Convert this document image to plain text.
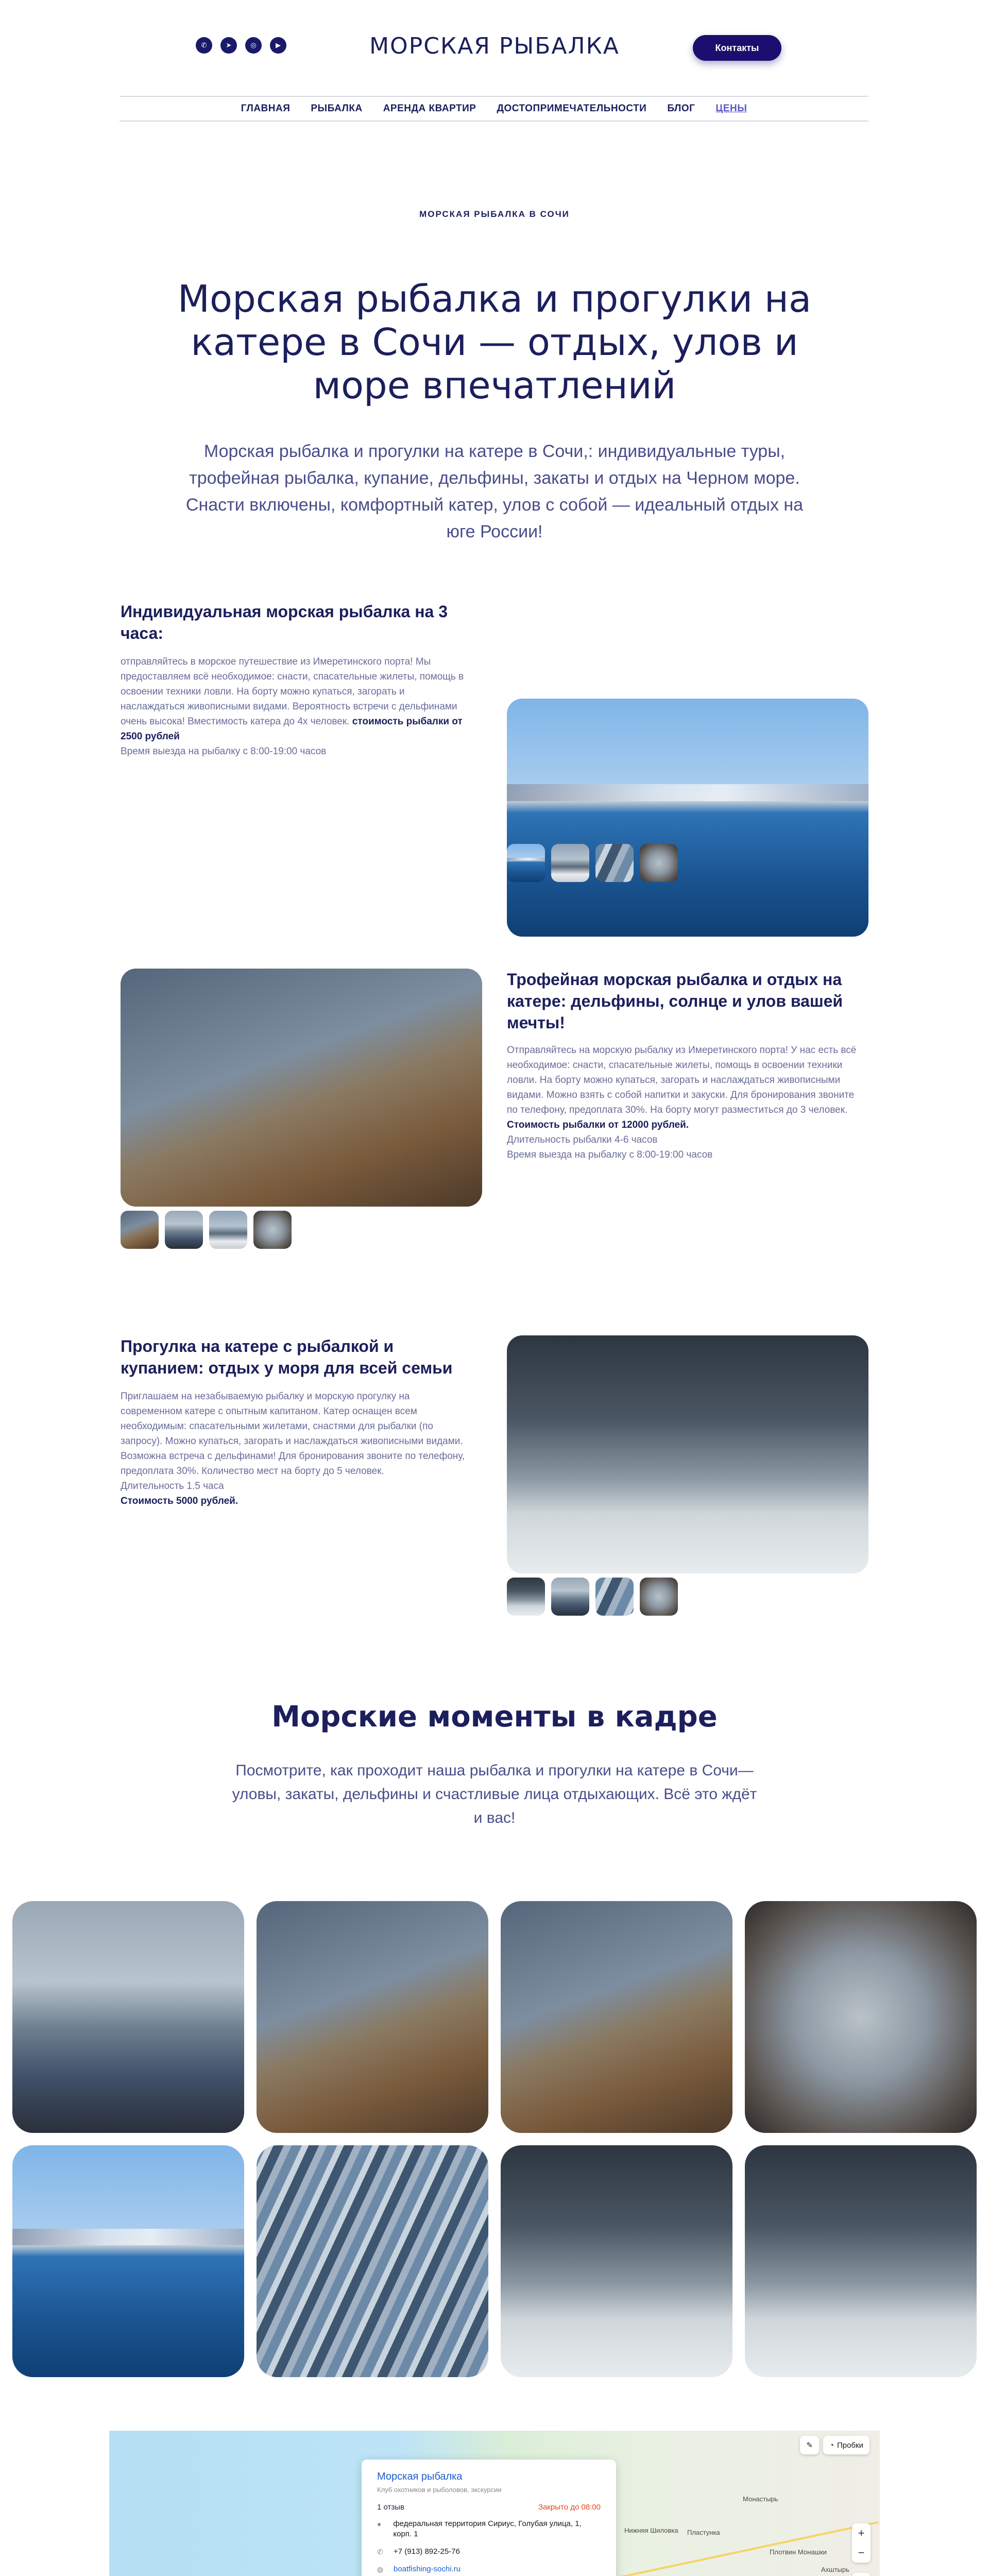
✆	➤	◎	▶	МОРСКАЯ РЫБАЛКА	Контакты
ГЛАВНАЯ РЫБАЛКА АРЕНДА КВАРТИР ДОСТОПРИМЕЧАТЕЛЬНОСТИ БЛОГ ЦЕНЫ
МОРСКАЯ РЫБАЛКА В СОЧИ
Морская рыбалка и прогулки на катере в Сочи — отдых, улов и море впечатлений

Морская рыбалка и прогулки на катере в Сочи,: индивидуальные туры, трофейная рыбалка, купание, дельфины, закаты и отдых на Черном море. Снасти включены, комфортный катер, улов с собой — идеальный отдых на юге России!

Индивидуальная морская рыбалка на 3 часа:
отправляйтесь в морское путешествие из Имеретинского порта! Мы предоставляем всё необходимое: снасти, спасательные жилеты, помощь в освоении техники ловли. На борту можно купаться, загорать и наслаждаться живописными видами. Вероятность встречи с дельфинами очень высока! Вместимость катера до 4х человек. стоимость рыбалки от 2500 рублей
Время выезда на рыбалку с 8:00-19:00 часов
Трофейная морская рыбалка и отдых на катере: дельфины, солнце и улов вашей мечты!
Отправляйтесь на морскую рыбалку из Имеретинского порта! У нас есть всё необходимое: снасти, спасательные жилеты, помощь в освоении техники ловли. На борту можно купаться, загорать и наслаждаться живописными видами. Можно взять с собой напитки и закуски. Для бронирования звоните по телефону, предоплата 30%. На борту могут разместиться до 3 человек.
Стоимость рыбалки от 12000 рублей.
Длительность рыбалки 4-6 часов
Время выезда на рыбалку с 8:00-19:00 часов
Прогулка на катере с рыбалкой и купанием: отдых у моря для всей семьи
Приглашаем на незабываемую рыбалку и морскую прогулку на современном катере с опытным капитаном. Катер оснащен всем необходимым: спасательными жилетами, снастями для рыбалки (по запросу). Можно купаться, загорать и наслаждаться живописными видами. Возможна встреча с дельфинами! Для бронирования звоните по телефону, предоплата 30%. Количество мест на борту до 5 человек.
Длительность 1.5 часа
Стоимость 5000 рублей.
Морские моменты в кадре

Посмотрите, как проходит наша рыбалка и прогулки на катере в Сочи— уловы, закаты, дельфины и счастливые лица отдыхающих. Всё это ждёт и вас!

Нижняя Шиловка Пластунка
Монастырь
Плотвин Монашки
Ахштырь
Морская рыбалка
Клуб охотников и рыболовов, экскурсии
1 отзыв	Закрыто до 08:00
●	федеральная территория Сириус, Голубая улица, 1, корп. 1
✆	+7 (913) 892-25-76
◍	boatfishing-sochi.ru
✎ ◔ Пробки
+
−
